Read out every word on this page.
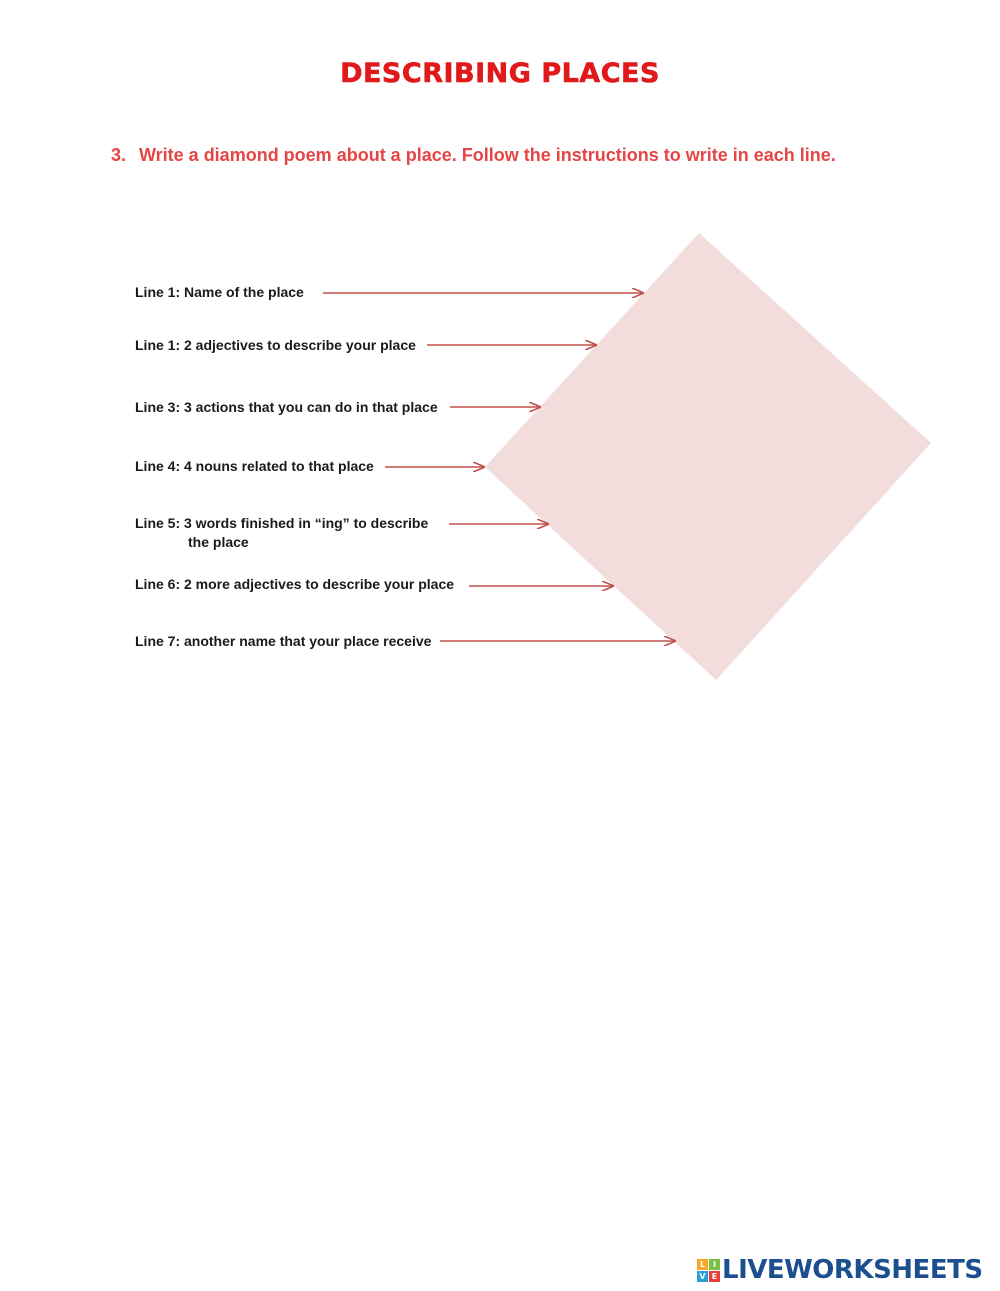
DESCRIBING PLACES
3. Write a diamond poem about a place. Follow the instructions to write in each line.
Line 1: Name of the place
Line 1: 2 adjectives to describe your place
Line 3: 3 actions that you can do in that place
Line 4: 4 nouns related to that place
Line 5: 3 words finished in “ing” to describe
the place
Line 6: 2 more adjectives to describe your place
Line 7: another name that your place receive
L I
V E LIVEWORKSHEETS
